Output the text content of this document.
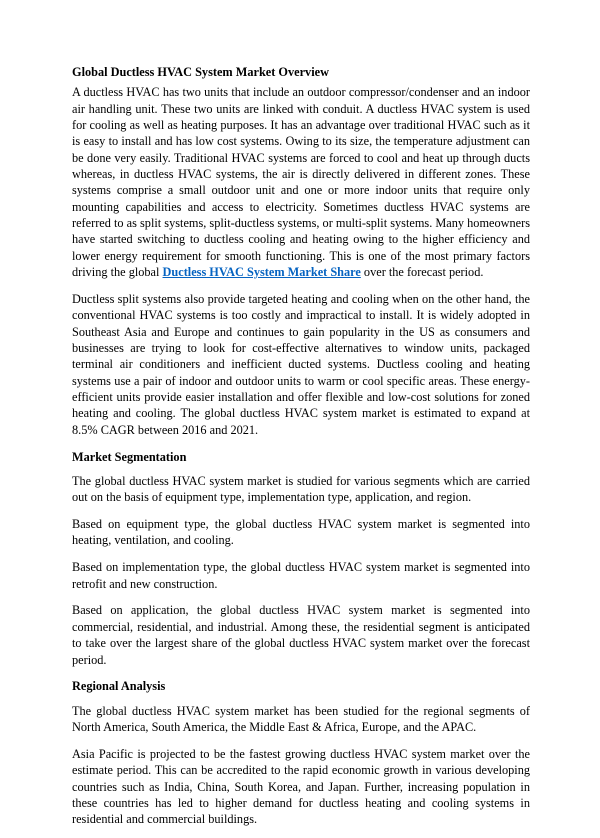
Global Ductless HVAC System Market Overview

A ductless HVAC has two units that include an outdoor compressor/condenser and an indoor air handling unit. These two units are linked with conduit. A ductless HVAC system is used for cooling as well as heating purposes. It has an advantage over traditional HVAC such as it is easy to install and has low cost systems. Owing to its size, the temperature adjustment can be done very easily. Traditional HVAC systems are forced to cool and heat up through ducts whereas, in ductless HVAC systems, the air is directly delivered in different zones. These systems comprise a small outdoor unit and one or more indoor units that require only mounting capabilities and access to electricity. Sometimes ductless HVAC systems are referred to as split systems, split-ductless systems, or multi-split systems. Many homeowners have started switching to ductless cooling and heating owing to the higher efficiency and lower energy requirement for smooth functioning. This is one of the most primary factors driving the global Ductless HVAC System Market Share over the forecast period.

Ductless split systems also provide targeted heating and cooling when on the other hand, the conventional HVAC systems is too costly and impractical to install. It is widely adopted in Southeast Asia and Europe and continues to gain popularity in the US as consumers and businesses are trying to look for cost-effective alternatives to window units, packaged terminal air conditioners and inefficient ducted systems. Ductless cooling and heating systems use a pair of indoor and outdoor units to warm or cool specific areas. These energy-efficient units provide easier installation and offer flexible and low-cost solutions for zoned heating and cooling. The global ductless HVAC system market is estimated to expand at 8.5% CAGR between 2016 and 2021.

Market Segmentation

The global ductless HVAC system market is studied for various segments which are carried out on the basis of equipment type, implementation type, application, and region.

Based on equipment type, the global ductless HVAC system market is segmented into heating, ventilation, and cooling.

Based on implementation type, the global ductless HVAC system market is segmented into retrofit and new construction.

Based on application, the global ductless HVAC system market is segmented into commercial, residential, and industrial. Among these, the residential segment is anticipated to take over the largest share of the global ductless HVAC system market over the forecast period.

Regional Analysis

The global ductless HVAC system market has been studied for the regional segments of North America, South America, the Middle East & Africa, Europe, and the APAC.

Asia Pacific is projected to be the fastest growing ductless HVAC system market over the estimate period. This can be accredited to the rapid economic growth in various developing countries such as India, China, South Korea, and Japan. Further, increasing population in these countries has led to higher demand for ductless heating and cooling systems in residential and commercial buildings.
